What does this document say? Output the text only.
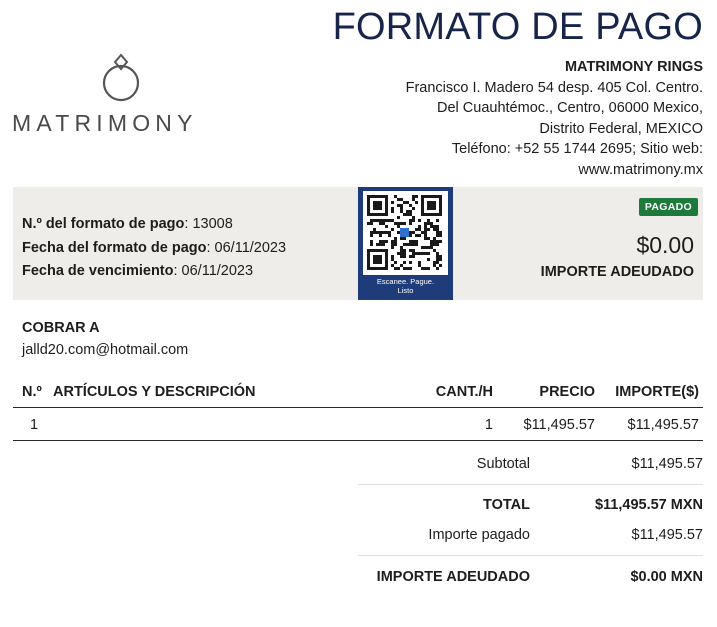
MATRIMONY
FORMATO DE PAGO
MATRIMONY RINGS
Francisco I. Madero 54 desp. 405 Col. Centro.
Del Cuauhtémoc., Centro, 06000 Mexico,
Distrito Federal, MEXICO
Teléfono: +52 55 1744 2695; Sitio web:
www.matrimony.mx
N.º del formato de pago: 13008
Fecha del formato de pago: 06/11/2023
Fecha de vencimiento: 06/11/2023
Escanee. Pague.
Listo
PAGADO
$0.00
IMPORTE ADEUDADO
COBRAR A
jalld20.com@hotmail.com
N.º ARTÍCULOS Y DESCRIPCIÓN	CANT./H	PRECIO IMPORTE($)
1	1 $11,495.57 $11,495.57
Subtotal	$11,495.57
TOTAL	$11,495.57 MXN
Importe pagado	$11,495.57
IMPORTE ADEUDADO	$0.00 MXN
